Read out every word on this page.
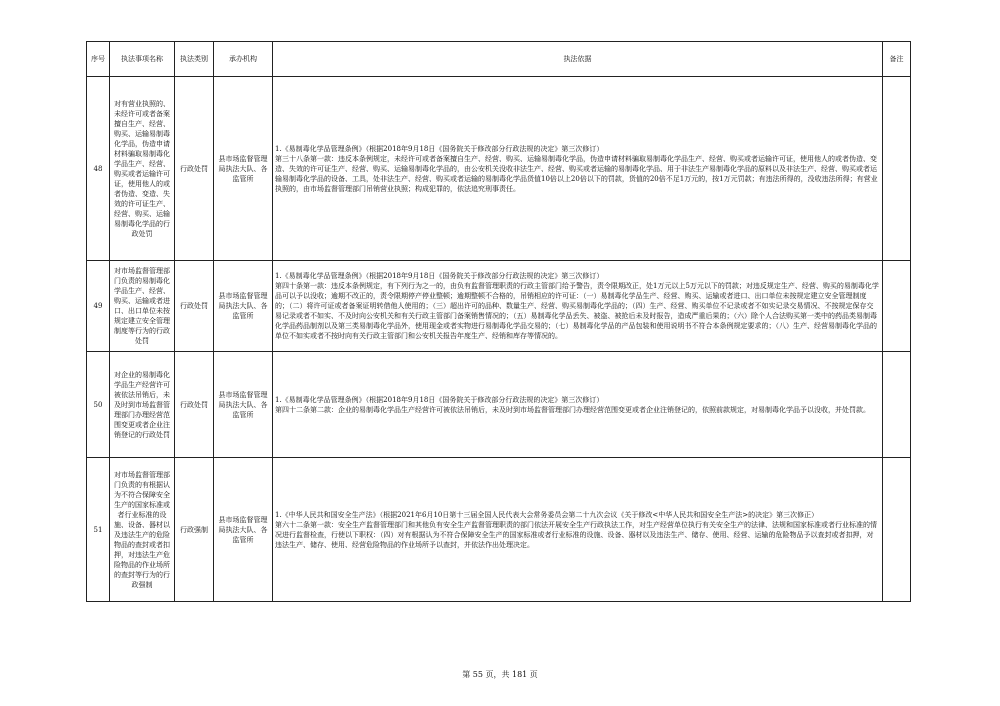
序号	执法事项名称	执法类别	承办机构	执法依据	备注
48	对有营业执照的、未经许可或者备案擅自生产、经营、购买、运输易制毒化学品，伪造申请材料骗取易制毒化学品生产、经营、购买或者运输许可证，使用他人的或者伪造、变造、失效的许可证生产、经营、购买、运输易制毒化学品的行政处罚	行政处罚	县市场监督管理局执法大队、各监管所	1.《易制毒化学品管理条例》（根据2018年9月18日《国务院关于修改部分行政法规的决定》第三次修订）
第三十八条第一款：违反本条例规定，未经许可或者备案擅自生产、经营、购买、运输易制毒化学品，伪造申请材料骗取易制毒化学品生产、经营、购买或者运输许可证，使用他人的或者伪造、变造、失效的许可证生产、经营、购买、运输易制毒化学品的，由公安机关没收非法生产、经营、购买或者运输的易制毒化学品、用于非法生产易制毒化学品的原料以及非法生产、经营、购买或者运输易制毒化学品的设备、工具，处非法生产、经营、购买或者运输的易制毒化学品货值10倍以上20倍以下的罚款，货值的20倍不足1万元的，按1万元罚款；有违法所得的，没收违法所得；有营业执照的，由市场监督管理部门吊销营业执照；构成犯罪的，依法追究刑事责任。	

49	对市场监督管理部门负责的易制毒化学品生产、经营、购买、运输或者进口、出口单位未按规定建立安全管理制度等行为的行政处罚	行政处罚	县市场监督管理局执法大队、各监管所	1.《易制毒化学品管理条例》（根据2018年9月18日《国务院关于修改部分行政法规的决定》第三次修订）
第四十条第一款：违反本条例规定，有下列行为之一的，由负有监督管理职责的行政主管部门给予警告，责令限期改正，处1万元以上5万元以下的罚款；对违反规定生产、经营、购买的易制毒化学品可以予以没收；逾期不改正的，责令限期停产停业整顿；逾期整顿不合格的，吊销相应的许可证：（一）易制毒化学品生产、经营、购买、运输或者进口、出口单位未按规定建立安全管理制度的；（二）将许可证或者备案证明转借他人使用的；（三）超出许可的品种、数量生产、经营、购买易制毒化学品的；（四）生产、经营、购买单位不记录或者不如实记录交易情况、不按规定保存交易记录或者不如实、不及时向公安机关和有关行政主管部门备案销售情况的；（五）易制毒化学品丢失、被盗、被抢后未及时报告，造成严重后果的；（六）除个人合法购买第一类中的药品类易制毒化学品药品制剂以及第三类易制毒化学品外，使用现金或者实物进行易制毒化学品交易的；（七）易制毒化学品的产品包装和使用说明书不符合本条例规定要求的；（八）生产、经营易制毒化学品的单位不如实或者不按时向有关行政主管部门和公安机关报告年度生产、经销和库存等情况的。	

50	对企业的易制毒化学品生产经营许可被依法吊销后，未及时到市场监督管理部门办理经营范围变更或者企业注销登记的行政处罚	行政处罚	县市场监督管理局执法大队、各监管所	1.《易制毒化学品管理条例》（根据2018年9月18日《国务院关于修改部分行政法规的决定》第三次修订）
第四十二条第二款：企业的易制毒化学品生产经营许可被依法吊销后，未及时到市场监督管理部门办理经营范围变更或者企业注销登记的，依照前款规定，对易制毒化学品予以没收，并处罚款。	

51	对市场监督管理部门负责的有根据认为不符合保障安全生产的国家标准或者行业标准的设施、设备、器材以及违法生产的危险物品的查封或者扣押，对违法生产危险物品的作业场所的查封等行为的行政强制	行政强制	县市场监督管理局执法大队、各监管所	1.《中华人民共和国安全生产法》（根据2021年6月10日第十三届全国人民代表大会常务委员会第二十九次会议《关于修改<中华人民共和国安全生产法>的决定》第三次修正）
第六十二条第一款：安全生产监督管理部门和其他负有安全生产监督管理职责的部门依法开展安全生产行政执法工作，对生产经营单位执行有关安全生产的法律、法规和国家标准或者行业标准的情况进行监督检查，行使以下职权：（四）对有根据认为不符合保障安全生产的国家标准或者行业标准的设施、设备、器材以及违法生产、储存、使用、经营、运输的危险物品予以查封或者扣押，对违法生产、储存、使用、经营危险物品的作业场所予以查封，并依法作出处理决定。	

第 55 页，共 181 页
